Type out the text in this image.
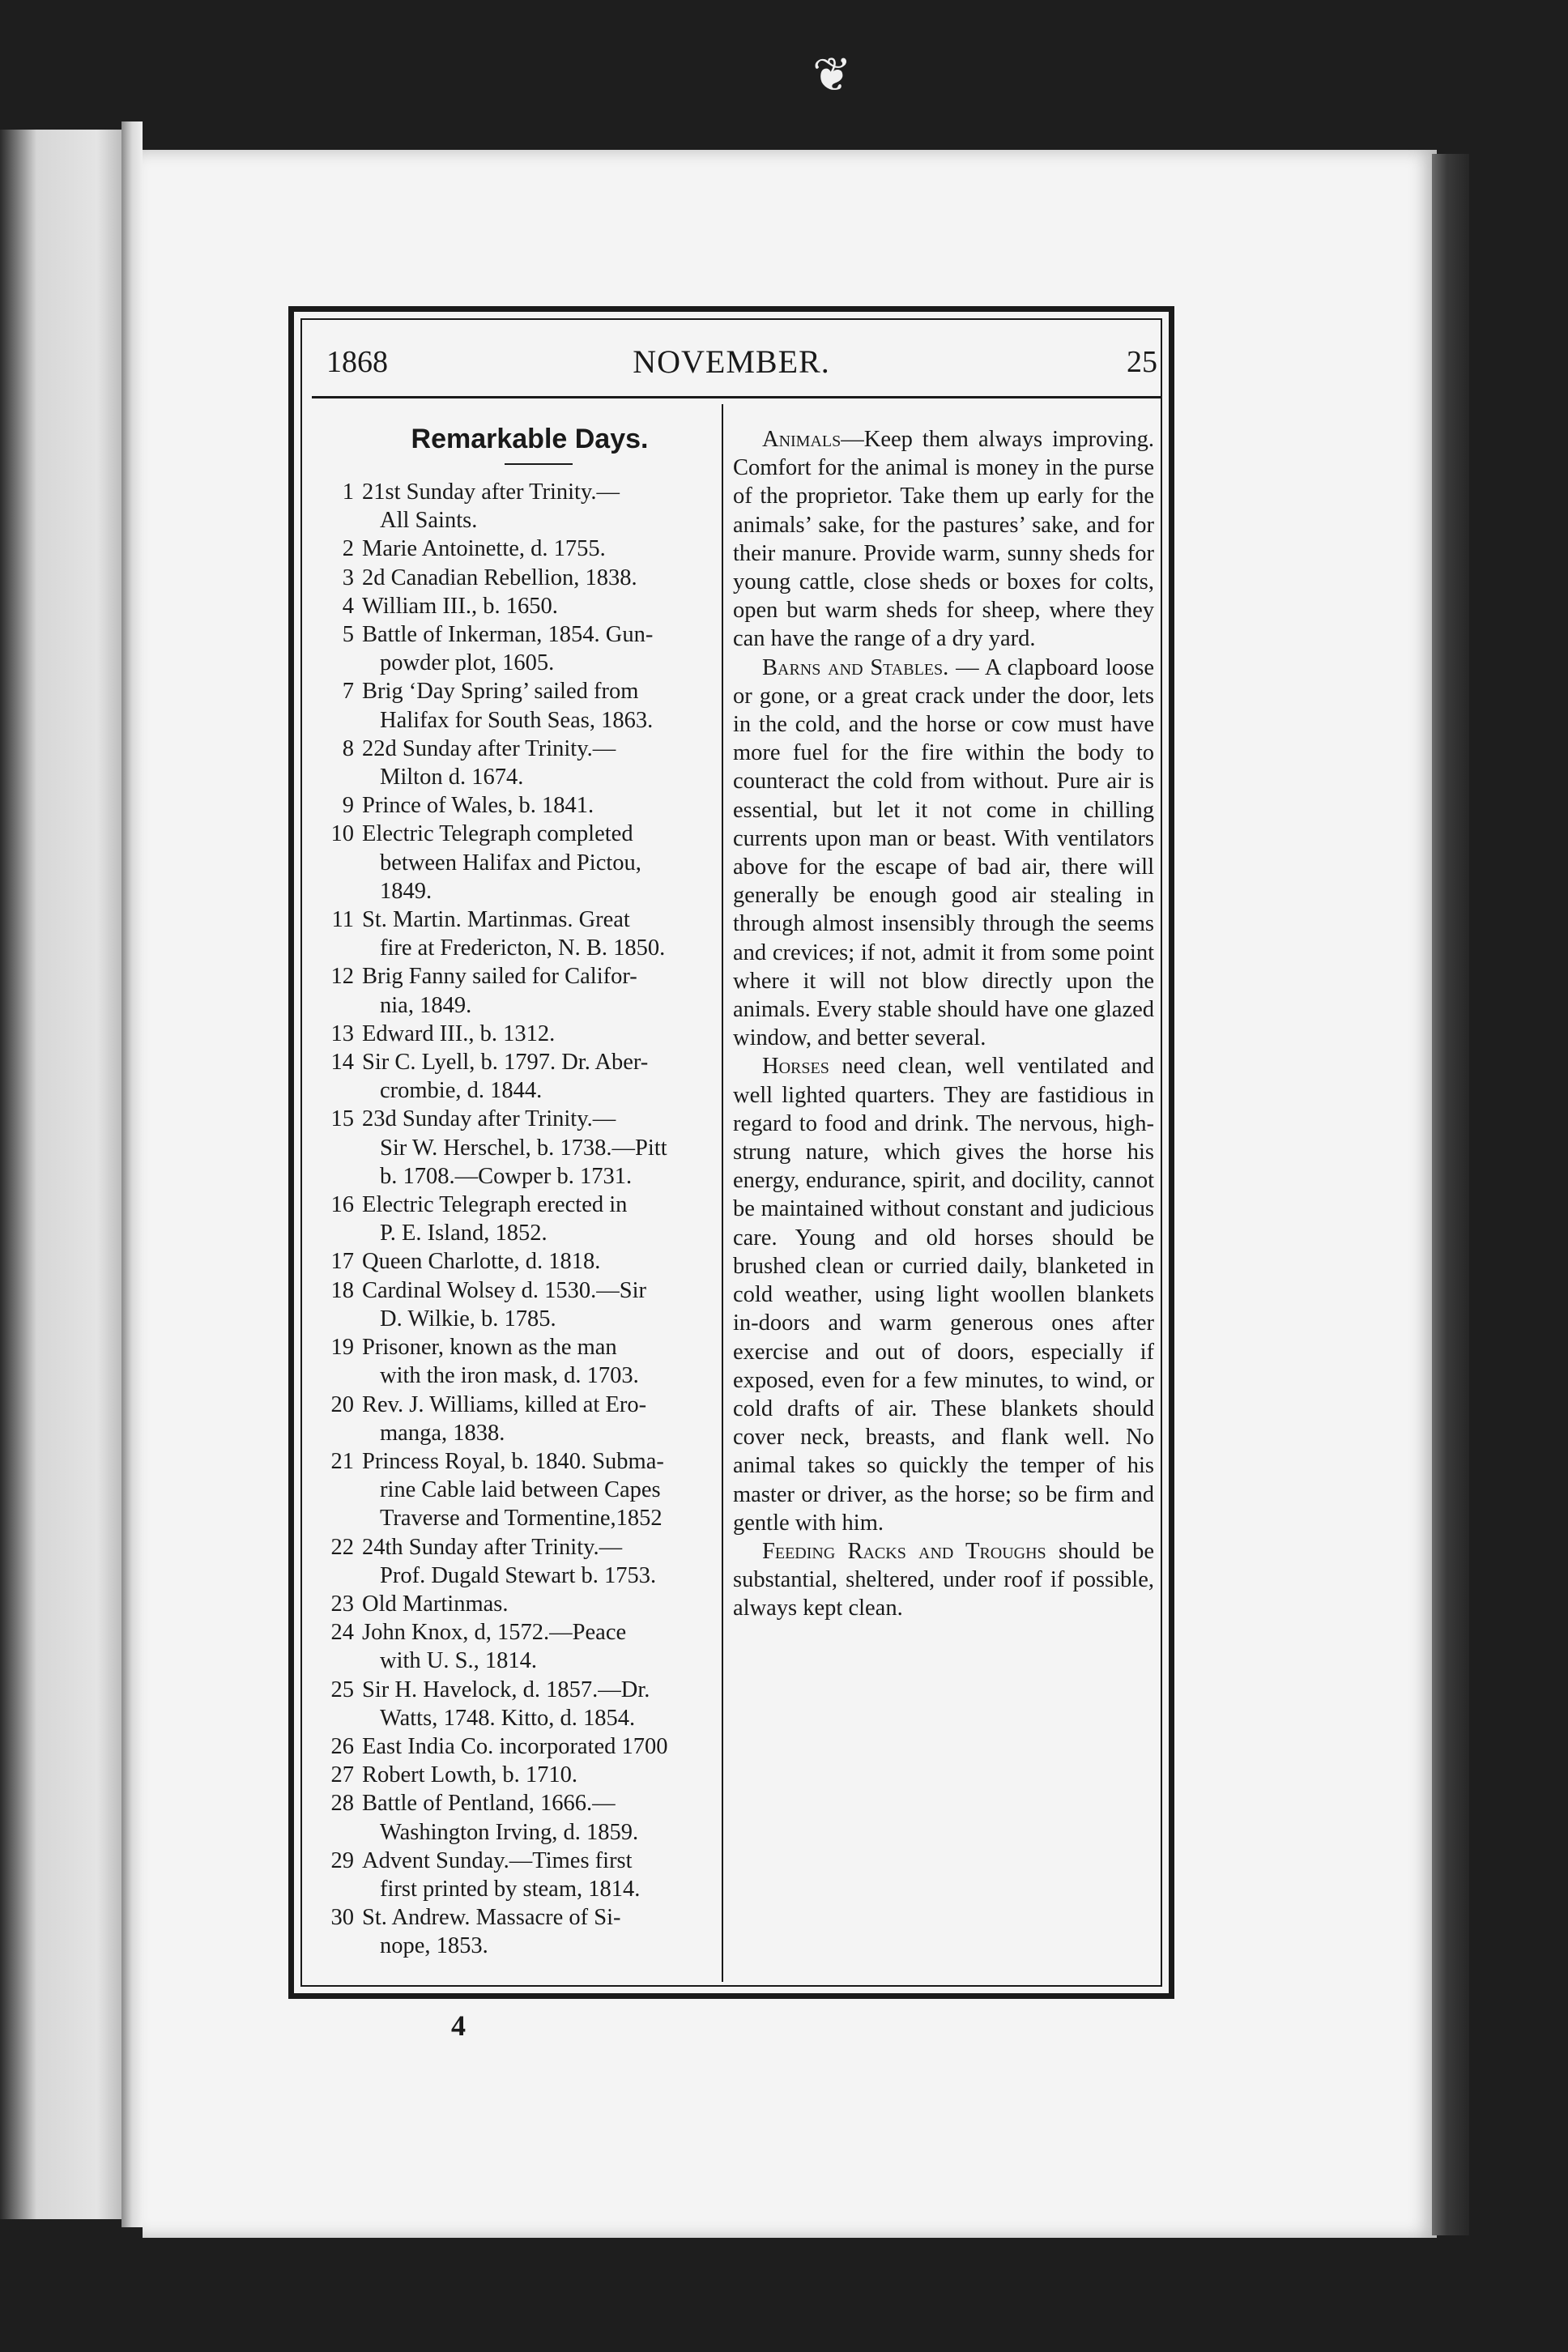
❦
1868	NOVEMBER.	25
Remarkable Days.
1 21st Sunday after Trinity.—
All Saints.
2 Marie Antoinette, d. 1755.
3 2d Canadian Rebellion, 1838.
4 William III., b. 1650.
5 Battle of Inkerman, 1854. Gun-
powder plot, 1605.
7 Brig ‘Day Spring’ sailed from
Halifax for South Seas, 1863.
8 22d Sunday after Trinity.—
Milton d. 1674.
9 Prince of Wales, b. 1841.
10 Electric Telegraph completed
between Halifax and Pictou,
1849.
11 St. Martin. Martinmas. Great
fire at Fredericton, N. B. 1850.
12 Brig Fanny sailed for Califor-
nia, 1849.
13 Edward III., b. 1312.
14 Sir C. Lyell, b. 1797. Dr. Aber-
crombie, d. 1844.
15 23d Sunday after Trinity.—
Sir W. Herschel, b. 1738.—Pitt
b. 1708.—Cowper b. 1731.
16 Electric Telegraph erected in
P. E. Island, 1852.
17 Queen Charlotte, d. 1818.
18 Cardinal Wolsey d. 1530.—Sir
D. Wilkie, b. 1785.
19 Prisoner, known as the man
with the iron mask, d. 1703.
20 Rev. J. Williams, killed at Ero-
manga, 1838.
21 Princess Royal, b. 1840. Subma-
rine Cable laid between Capes
Traverse and Tormentine,1852
22 24th Sunday after Trinity.—
Prof. Dugald Stewart b. 1753.
23 Old Martinmas.
24 John Knox, d, 1572.—Peace
with U. S., 1814.
25 Sir H. Havelock, d. 1857.—Dr.
Watts, 1748. Kitto, d. 1854.
26 East India Co. incorporated 1700
27 Robert Lowth, b. 1710.
28 Battle of Pentland, 1666.—
Washington Irving, d. 1859.
29 Advent Sunday.—Times first
first printed by steam, 1814.
30 St. Andrew. Massacre of Si-
nope, 1853.

Animals—Keep them always improving. Comfort for the animal is money in the purse of the proprietor. Take them up early for the animals’ sake, for the pastures’ sake, and for their manure. Provide warm, sunny sheds for young cattle, close sheds or boxes for colts, open but warm sheds for sheep, where they can have the range of a dry yard.

Barns and Stables. — A clapboard loose or gone, or a great crack under the door, lets in the cold, and the horse or cow must have more fuel for the fire within the body to counteract the cold from without. Pure air is essential, but let it not come in chilling currents upon man or beast. With ventilators above for the escape of bad air, there will generally be enough good air stealing in through almost insensibly through the seems and crevices; if not, admit it from some point where it will not blow directly upon the animals. Every stable should have one glazed window, and better several.

Horses need clean, well ventilated and well lighted quarters. They are fastidious in regard to food and drink. The nervous, high-strung nature, which gives the horse his energy, endurance, spirit, and docility, cannot be maintained without constant and judicious care. Young and old horses should be brushed clean or curried daily, blanketed in cold weather, using light woollen blankets in-doors and warm generous ones after exercise and out of doors, especially if exposed, even for a few minutes, to wind, or cold drafts of air. These blankets should cover neck, breasts, and flank well. No animal takes so quickly the temper of his master or driver, as the horse; so be firm and gentle with him.

Feeding Racks and Troughs should be substantial, sheltered, under roof if possible, always kept clean.

4
